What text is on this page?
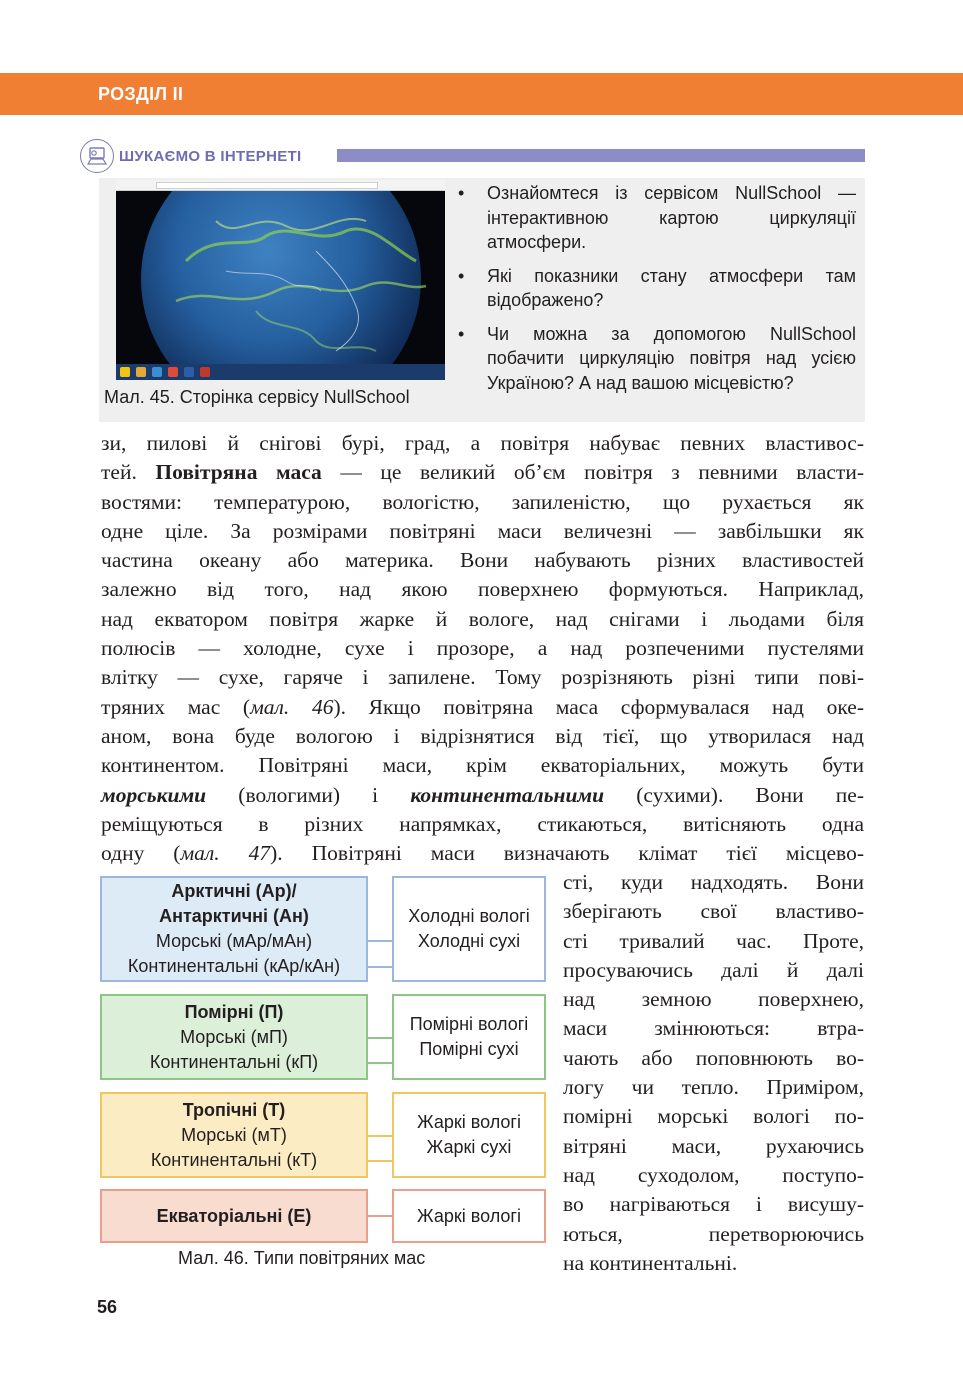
РОЗДІЛ ІІ
ШУКАЄМО В ІНТЕРНЕТІ
Мал. 45. Сторінка сервісу NullSchool
• Ознайомтеся із сервісом NullSchool — інтерактивною картою циркуляції атмосфери.
• Які показники стану атмосфери там відображено?
• Чи можна за допомогою NullSchool побачити циркуляцію повітря над усією Україною? А над вашою місцевістю?
зи, пилові й снігові бурі, град, а повітря набуває певних властивос-
тей. Повітряна маса — це великий об’єм повітря з певними власти-
востями: температурою, вологістю, запиленістю, що рухається як
одне ціле. За розмірами повітряні маси величезні — завбільшки як
частина океану або материка. Вони набувають різних властивостей
залежно від того, над якою поверхнею формуються. Наприклад,
над екватором повітря жарке й вологе, над снігами і льодами біля
полюсів — холодне, сухе і прозоре, а над розпеченими пустелями
влітку — сухе, гаряче і запилене. Тому розрізняють різні типи пові-
тряних мас (мал. 46). Якщо повітряна маса сформувалася над оке-
аном, вона буде вологою і відрізнятися від тієї, що утворилася над
континентом. Повітряні маси, крім екваторіальних, можуть бути
морськими (вологими) і континентальними (сухими). Вони пе-
реміщуються в різних напрямках, стикаються, витісняють одна
одну (мал. 47). Повітряні маси визначають клімат тієї місцево-
сті, куди надходять. Вони
зберігають свої властиво-
сті тривалий час. Проте,
просуваючись далі й далі
над земною поверхнею,
маси змінюються: втра-
чають або поповнюють во-
логу чи тепло. Приміром,
помірні морські вологі по-
вітряні маси, рухаючись
над суходолом, поступо-
во нагріваються і висушу-
ються, перетворюючись
на континентальні.
Арктичні (Ар)/
Антарктичні (Ан)
Морські (мАр/мАн)
Континентальні (кАр/кАн)
Холодні вологі
Холодні сухі
Помірні (П)
Морські (мП)
Континентальні (кП)
Помірні вологі
Помірні сухі
Тропічні (Т)
Морські (мТ)
Континентальні (кТ)
Жаркі вологі
Жаркі сухі
Екваторіальні (Е)	Жаркі вологі
Мал. 46. Типи повітряних мас
56
